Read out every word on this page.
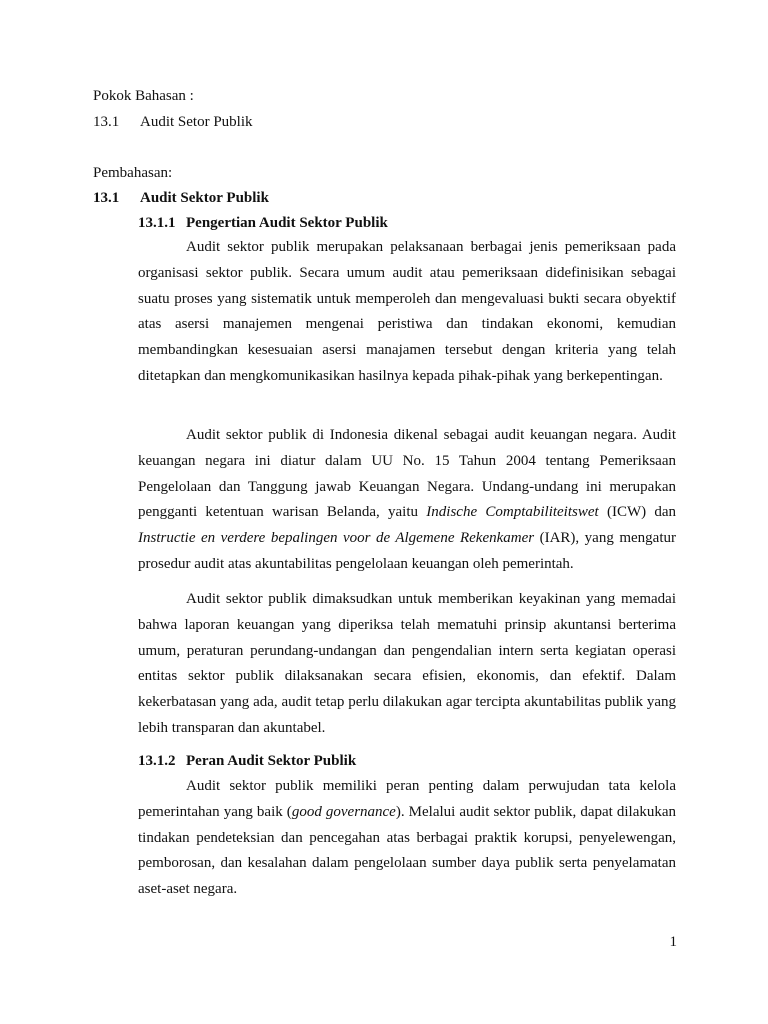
Pokok Bahasan :
13.1 Audit Setor Publik
Pembahasan:
13.1 Audit Sektor Publik
13.1.1 Pengertian Audit Sektor Publik

Audit sektor publik merupakan pelaksanaan berbagai jenis pemeriksaan pada organisasi sektor publik. Secara umum audit atau pemeriksaan didefinisikan sebagai suatu proses yang sistematik untuk memperoleh dan mengevaluasi bukti secara obyektif atas asersi manajemen mengenai peristiwa dan tindakan ekonomi, kemudian membandingkan kesesuaian asersi manajamen tersebut dengan kriteria yang telah ditetapkan dan mengkomunikasikan hasilnya kepada pihak-pihak yang berkepentingan.

Audit sektor publik di Indonesia dikenal sebagai audit keuangan negara. Audit keuangan negara ini diatur dalam UU No. 15 Tahun 2004 tentang Pemeriksaan Pengelolaan dan Tanggung jawab Keuangan Negara. Undang-undang ini merupakan pengganti ketentuan warisan Belanda, yaitu Indische Comptabiliteitswet (ICW) dan Instructie en verdere bepalingen voor de Algemene Rekenkamer (IAR), yang mengatur prosedur audit atas akuntabilitas pengelolaan keuangan oleh pemerintah.

Audit sektor publik dimaksudkan untuk memberikan keyakinan yang memadai bahwa laporan keuangan yang diperiksa telah mematuhi prinsip akuntansi berterima umum, peraturan perundang-undangan dan pengendalian intern serta kegiatan operasi entitas sektor publik dilaksanakan secara efisien, ekonomis, dan efektif. Dalam kekerbatasan yang ada, audit tetap perlu dilakukan agar tercipta akuntabilitas publik yang lebih transparan dan akuntabel.

13.1.2 Peran Audit Sektor Publik

Audit sektor publik memiliki peran penting dalam perwujudan tata kelola pemerintahan yang baik (good governance). Melalui audit sektor publik, dapat dilakukan tindakan pendeteksian dan pencegahan atas berbagai praktik korupsi, penyelewengan, pemborosan, dan kesalahan dalam pengelolaan sumber daya publik serta penyelamatan aset-aset negara.

1
